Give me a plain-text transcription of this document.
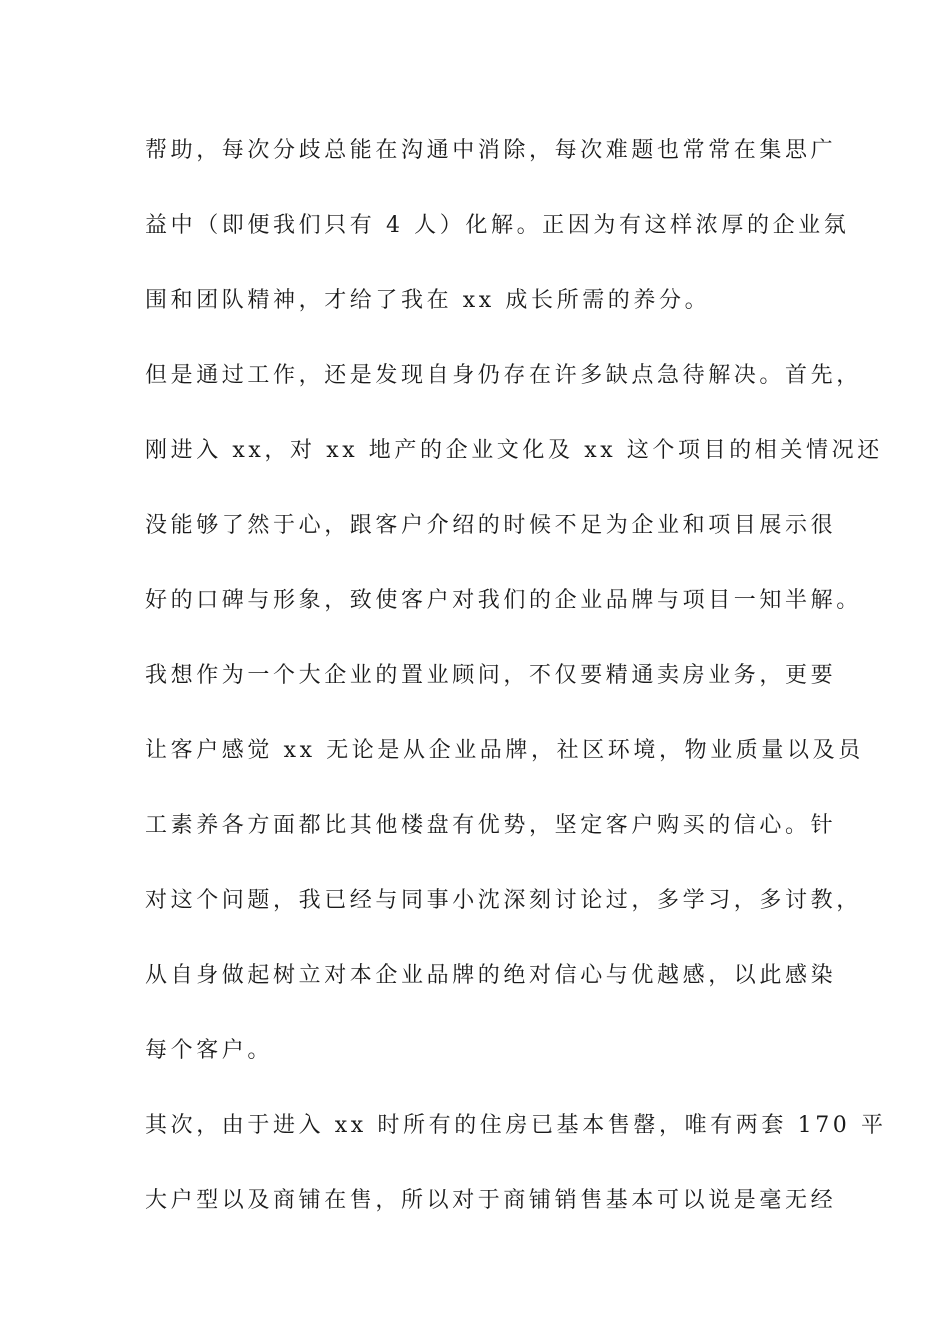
帮助，每次分歧总能在沟通中消除，每次难题也常常在集思广
益中（即便我们只有 4 人）化解。正因为有这样浓厚的企业氛
围和团队精神，才给了我在 xx 成长所需的养分。
但是通过工作，还是发现自身仍存在许多缺点急待解决。首先，
刚进入 xx，对 xx 地产的企业文化及 xx 这个项目的相关情况还
没能够了然于心，跟客户介绍的时候不足为企业和项目展示很
好的口碑与形象，致使客户对我们的企业品牌与项目一知半解。
我想作为一个大企业的置业顾问，不仅要精通卖房业务，更要
让客户感觉 xx 无论是从企业品牌，社区环境，物业质量以及员
工素养各方面都比其他楼盘有优势，坚定客户购买的信心。针
对这个问题，我已经与同事小沈深刻讨论过，多学习，多讨教，
从自身做起树立对本企业品牌的绝对信心与优越感，以此感染
每个客户。
其次，由于进入 xx 时所有的住房已基本售罄，唯有两套 170 平
大户型以及商铺在售，所以对于商铺销售基本可以说是毫无经
